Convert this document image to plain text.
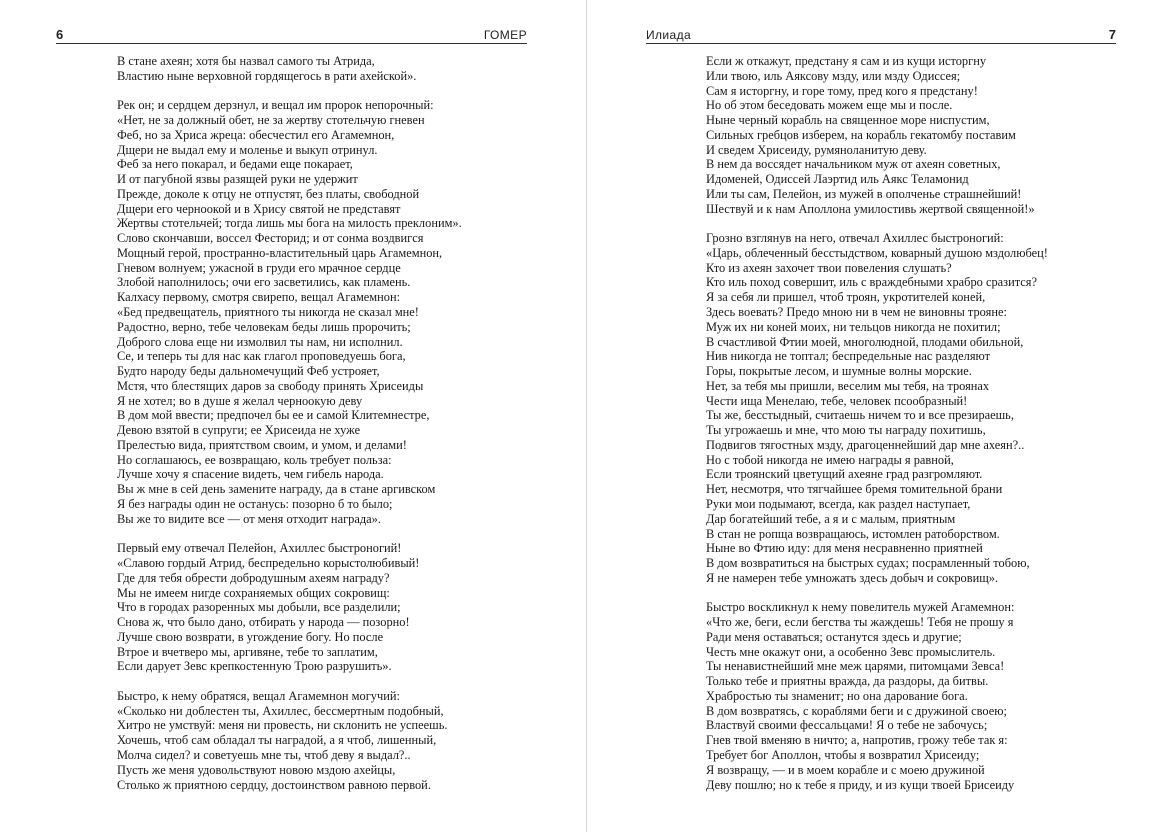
6	ГОМЕР
В стане ахеян; хотя бы назвал самого ты Атрида,
Властию ныне верховной гордящегось в рати ахейской».
Рек он; и сердцем дерзнул, и вещал им пророк непорочный:
«Нет, не за должный обет, не за жертву стотельчую гневен
Феб, но за Хриса жреца: обесчестил его Агамемнон,
Дщери не выдал ему и моленье и выкуп отринул.
Феб за него покарал, и бедами еще покарает,
И от пагубной язвы разящей руки не удержит
Прежде, доколе к отцу не отпустят, без платы, свободной
Дщери его черноокой и в Хрису святой не представят
Жертвы стотельчей; тогда лишь мы бога на милость преклоним».
Слово скончавши, воссел Фесторид; и от сонма воздвигся
Мощный герой, пространно-властительный царь Агамемнон,
Гневом волнуем; ужасной в груди его мрачное сердце
Злобой наполнилось; очи его засветились, как пламень.
Калхасу первому, смотря свирепо, вещал Агамемнон:
«Бед предвещатель, приятного ты никогда не сказал мне!
Радостно, верно, тебе человекам беды лишь пророчить;
Доброго слова еще ни измолвил ты нам, ни исполнил.
Се, и теперь ты для нас как глагол проповедуешь бога,
Будто народу беды дальномечущий Феб устрояет,
Мстя, что блестящих даров за свободу принять Хрисеиды
Я не хотел; во в душе я желал черноокую деву
В дом мой ввести; предпочел бы ее и самой Клитемнестре,
Девою взятой в супруги; ее Хрисеида не хуже
Прелестью вида, приятством своим, и умом, и делами!
Но соглашаюсь, ее возвращаю, коль требует польза:
Лучше хочу я спасение видеть, чем гибель народа.
Вы ж мне в сей день замените награду, да в стане аргивском
Я без награды один не останусь: позорно б то было;
Вы же то видите все — от меня отходит награда».
Первый ему отвечал Пелейон, Ахиллес быстроногий!
«Славою гордый Атрид, беспредельно корыстолюбивый!
Где для тебя обрести добродушным ахеям награду?
Мы не имеем нигде сохраняемых общих сокровищ:
Что в городах разоренных мы добыли, все разделили;
Снова ж, что было дано, отбирать у народа — позорно!
Лучше свою возврати, в угождение богу. Но после
Втрое и вчетверо мы, аргивяне, тебе то заплатим,
Если дарует Зевс крепкостенную Трою разрушить».
Быстро, к нему обратяся, вещал Агамемнон могучий:
«Сколько ни доблестен ты, Ахиллес, бессмертным подобный,
Хитро не умствуй: меня ни провесть, ни склонить не успеешь.
Хочешь, чтоб сам обладал ты наградой, а я чтоб, лишенный,
Молча сидел? и советуешь мне ты, чтоб деву я выдал?..
Пусть же меня удовольствуют новою мздою ахейцы,
Столько ж приятною сердцу, достоинством равною первой.
Илиада	7
Если ж откажут, предстану я сам и из кущи исторгну
Или твою, иль Аяксову мзду, или мзду Одиссея;
Сам я исторгну, и горе тому, пред кого я предстану!
Но об этом беседовать можем еще мы и после.
Ныне черный корабль на священное море ниспустим,
Сильных гребцов изберем, на корабль гекатомбу поставим
И сведем Хрисеиду, румяноланитую деву.
В нем да воссядет начальником муж от ахеян советных,
Идоменей, Одиссей Лаэртид иль Аякс Теламонид
Или ты сам, Пелейон, из мужей в ополченье страшнейший!
Шествуй и к нам Аполлона умилостивь жертвой священной!»
Грозно взглянув на него, отвечал Ахиллес быстроногий:
«Царь, облеченный бесстыдством, коварный душою мздолюбец!
Кто из ахеян захочет твои повеления слушать?
Кто иль поход совершит, иль с враждебными храбро сразится?
Я за себя ли пришел, чтоб троян, укротителей коней,
Здесь воевать? Предо мною ни в чем не виновны трояне:
Муж их ни коней моих, ни тельцов никогда не похитил;
В счастливой Фтии моей, многолюдной, плодами обильной,
Нив никогда не топтал; беспредельные нас разделяют
Горы, покрытые лесом, и шумные волны морские.
Нет, за тебя мы пришли, веселим мы тебя, на троянах
Чести ища Менелаю, тебе, человек псообразный!
Ты же, бесстыдный, считаешь ничем то и все презираешь,
Ты угрожаешь и мне, что мою ты награду похитишь,
Подвигов тягостных мзду, драгоценнейший дар мне ахеян?..
Но с тобой никогда не имею награды я равной,
Если троянский цветущий ахеяне град разгромляют.
Нет, несмотря, что тягчайшее бремя томительной брани
Руки мои подымают, всегда, как раздел наступает,
Дар богатейший тебе, а я и с малым, приятным
В стан не ропща возвращаюсь, истомлен ратоборством.
Ныне во Фтию иду: для меня несравненно приятней
В дом возвратиться на быстрых судах; посрамленный тобою,
Я не намерен тебе умножать здесь добыч и сокровищ».
Быстро воскликнул к нему повелитель мужей Агамемнон:
«Что же, беги, если бегства ты жаждешь! Тебя не прошу я
Ради меня оставаться; останутся здесь и другие;
Честь мне окажут они, а особенно Зевс промыслитель.
Ты ненавистнейший мне меж царями, питомцами Зевса!
Только тебе и приятны вражда, да раздоры, да битвы.
Храбростью ты знаменит; но она дарование бога.
В дом возвратясь, с кораблями беги и с дружиной своею;
Властвуй своими фессальцами! Я о тебе не забочусь;
Гнев твой вменяю в ничто; а, напротив, грожу тебе так я:
Требует бог Аполлон, чтобы я возвратил Хрисеиду;
Я возвращу, — и в моем корабле и с моею дружиной
Деву пошлю; но к тебе я приду, и из кущи твоей Брисеиду
